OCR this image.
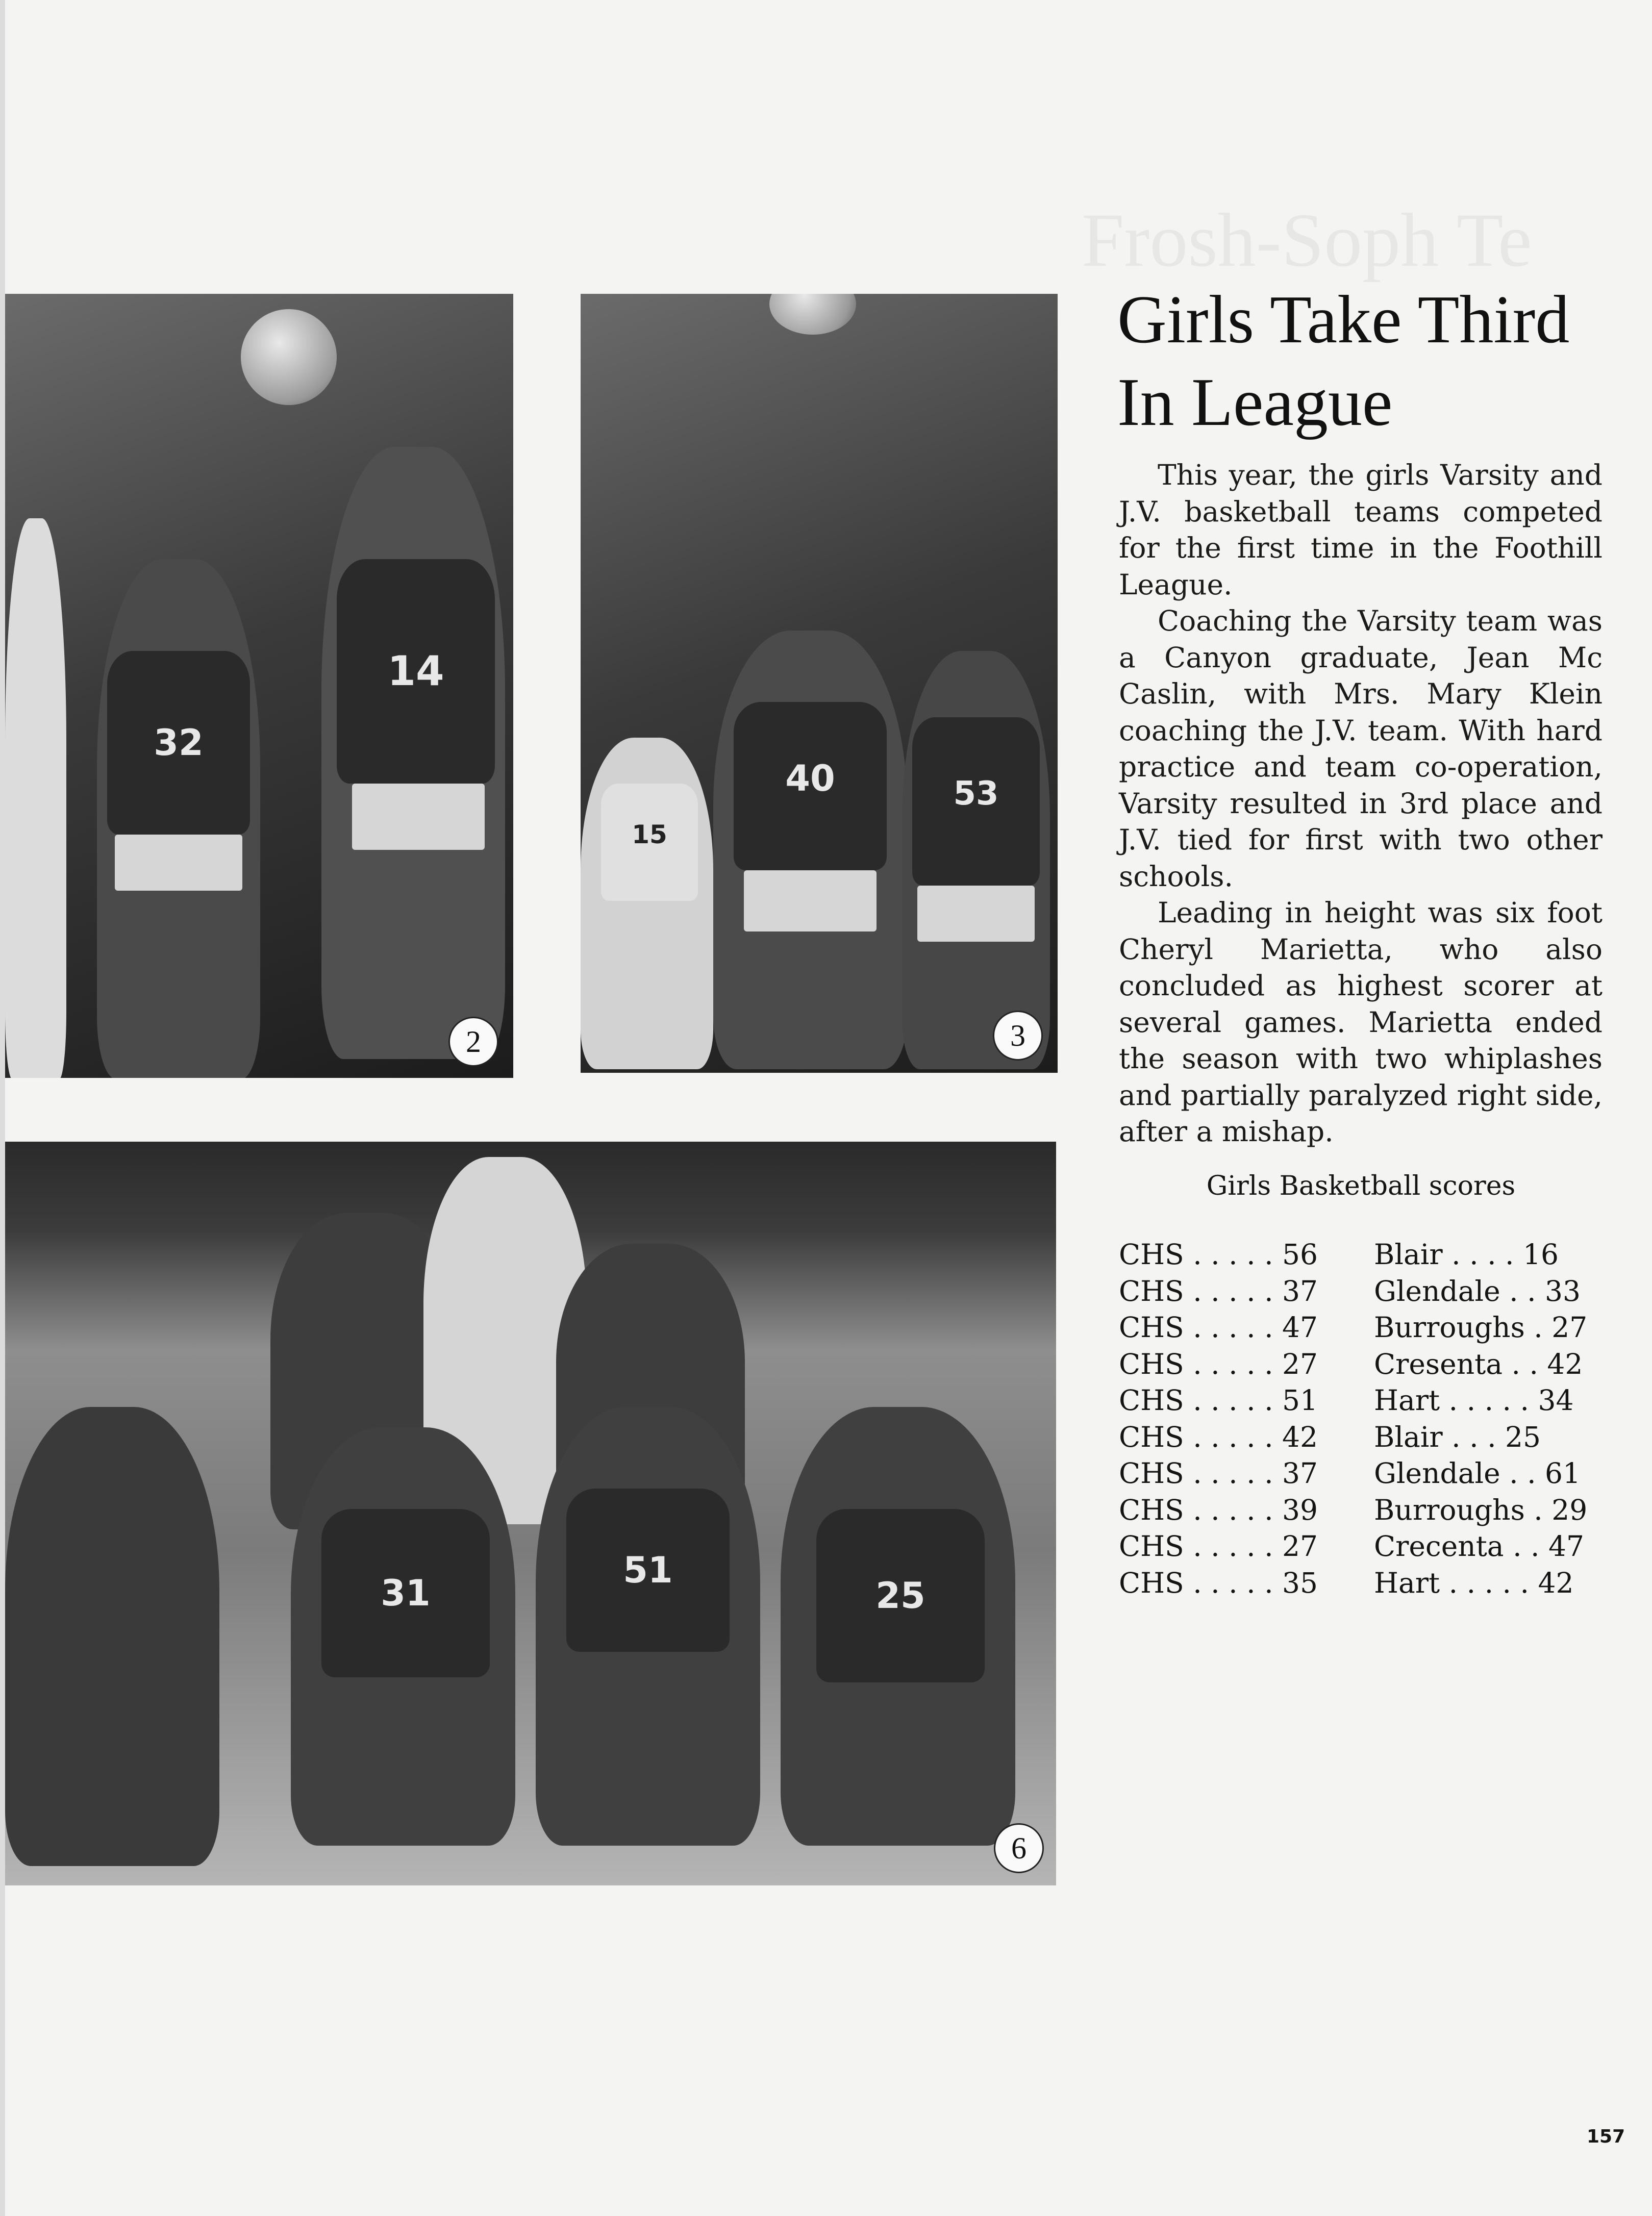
Frosh-Soph Te
32
14
2
15
40	53
3
31
51
25
6
Girls Take Third In League

This year, the girls Varsity and J.V. basketball teams competed for the first time in the Foothill League.

Coaching the Varsity team was a Canyon graduate, Jean Mc Caslin, with Mrs. Mary Klein coaching the J.V. team. With hard practice and team co-operation, Varsity resulted in 3rd place and J.V. tied for first with two other schools.

Leading in height was six foot Cheryl Marietta, who also concluded as highest scorer at several games. Marietta ended the season with two whiplashes and partially paralyzed right side, after a mishap.

Girls Basketball scores
CHS . . . . . 56	Blair . . . . 16
CHS . . . . . 37	Glendale . . 33
CHS . . . . . 47	Burroughs . 27
CHS . . . . . 27	Cresenta . . 42
CHS . . . . . 51	Hart . . . . . 34
CHS . . . . . 42	Blair . . . 25
CHS . . . . . 37	Glendale . . 61
CHS . . . . . 39	Burroughs . 29
CHS . . . . . 27	Crecenta . . 47
CHS . . . . . 35	Hart . . . . . 42
157
